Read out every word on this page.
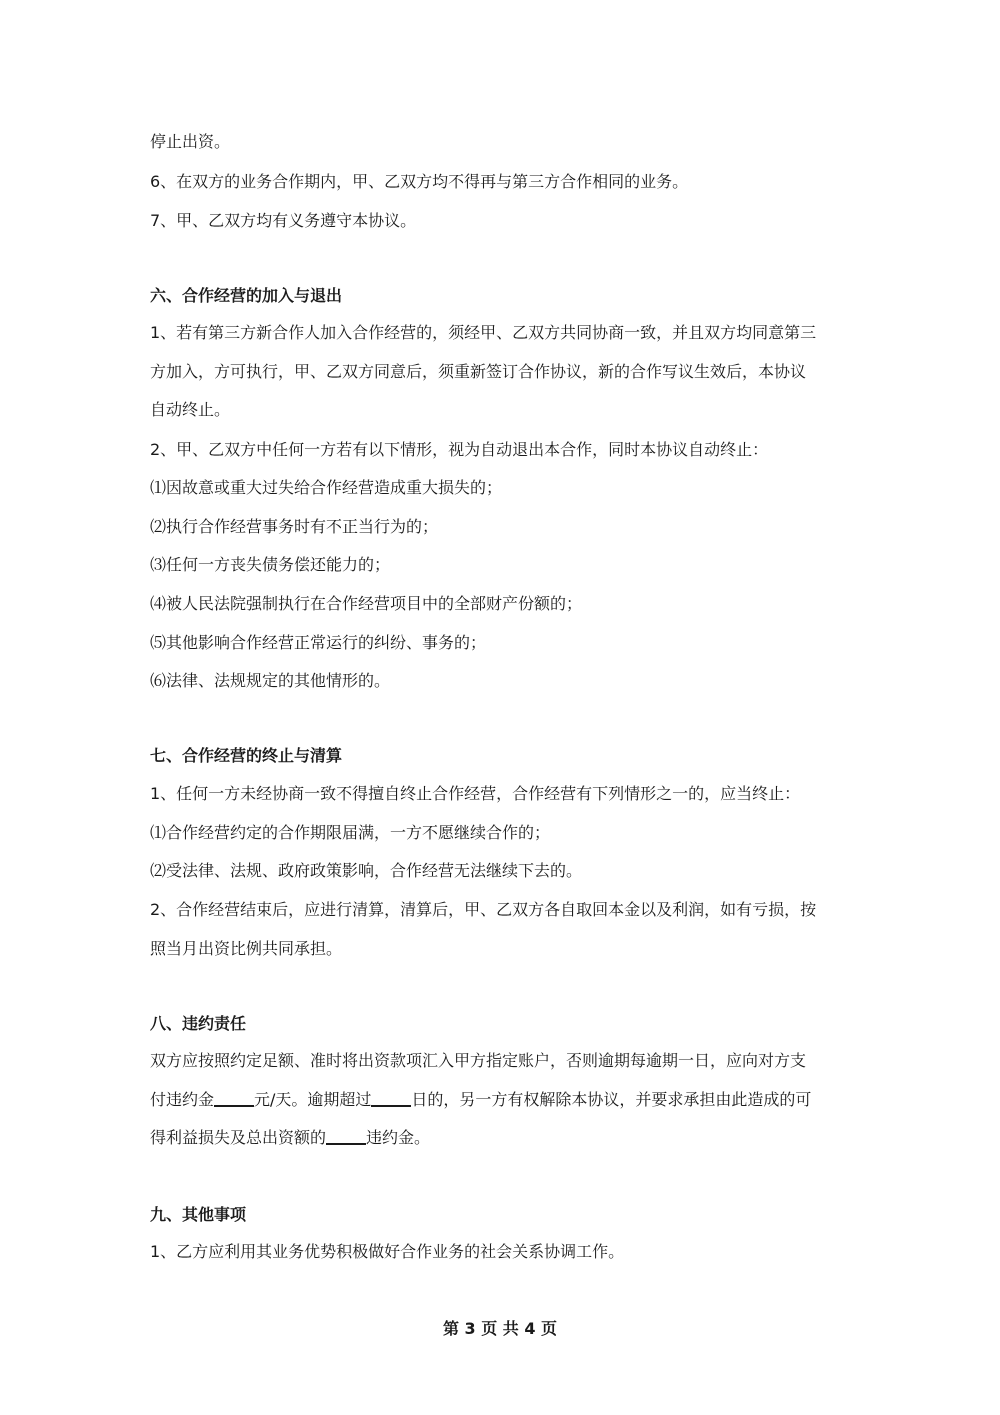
停止出资。

6、在双方的业务合作期内，甲、乙双方均不得再与第三方合作相同的业务。

7、甲、乙双方均有义务遵守本协议。

六、合作经营的加入与退出

1、若有第三方新合作人加入合作经营的，须经甲、乙双方共同协商一致，并且双方均同意第三

方加入，方可执行，甲、乙双方同意后，须重新签订合作协议，新的合作写议生效后，本协议

自动终止。

2、甲、乙双方中任何一方若有以下情形，视为自动退出本合作，同时本协议自动终止：

⑴因故意或重大过失给合作经营造成重大损失的；

⑵执行合作经营事务时有不正当行为的；

⑶任何一方丧失债务偿还能力的；

⑷被人民法院强制执行在合作经营项目中的全部财产份额的；

⑸其他影响合作经营正常运行的纠纷、事务的；

⑹法律、法规规定的其他情形的。

七、合作经营的终止与清算

1、任何一方未经协商一致不得擅自终止合作经营，合作经营有下列情形之一的，应当终止：

⑴合作经营约定的合作期限届满，一方不愿继续合作的；

⑵受法律、法规、政府政策影响，合作经营无法继续下去的。

2、合作经营结束后，应进行清算，清算后，甲、乙双方各自取回本金以及利润，如有亏损，按

照当月出资比例共同承担。

八、违约责任

双方应按照约定足额、准时将出资款项汇入甲方指定账户，否则逾期每逾期一日，应向对方支

付违约金	元/天。逾期超过	日的，另一方有权解除本协议，并要求承担由此造成的可

得利益损失及总出资额的	违约金。

九、其他事项

1、乙方应利用其业务优势积极做好合作业务的社会关系协调工作。

第 3 页 共 4 页
